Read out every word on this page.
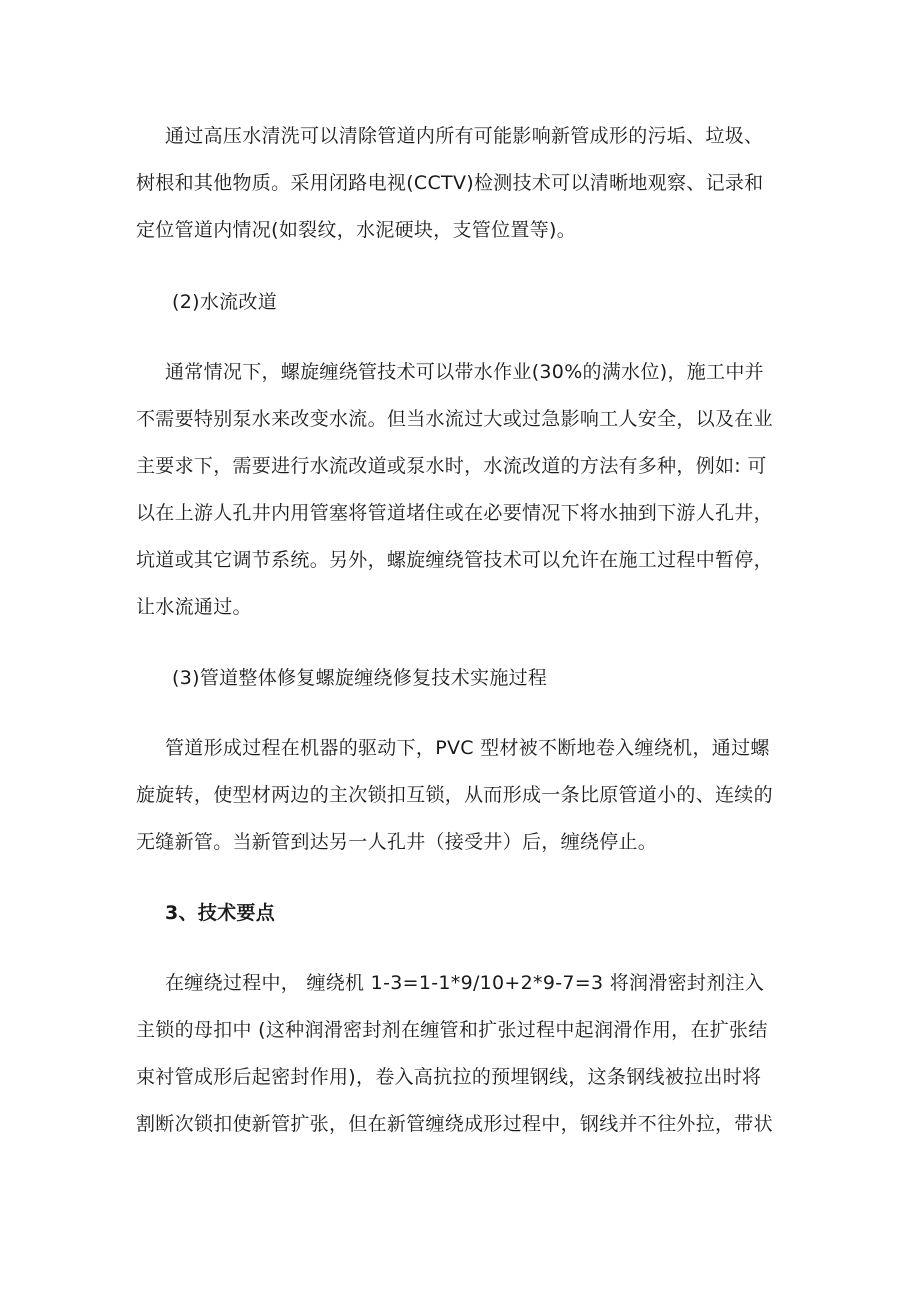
通过高压水清洗可以清除管道内所有可能影响新管成形的污垢、垃圾、
树根和其他物质。采用闭路电视(CCTV)检测技术可以清晰地观察、记录和
定位管道内情况(如裂纹，水泥硬块，支管位置等)。
(2)水流改道
通常情况下，螺旋缠绕管技术可以带水作业(30%的满水位)，施工中并
不需要特别泵水来改变水流。但当水流过大或过急影响工人安全，以及在业
主要求下，需要进行水流改道或泵水时，水流改道的方法有多种，例如: 可
以在上游人孔井内用管塞将管道堵住或在必要情况下将水抽到下游人孔井，
坑道或其它调节系统。另外，螺旋缠绕管技术可以允许在施工过程中暂停，
让水流通过。
(3)管道整体修复螺旋缠绕修复技术实施过程
管道形成过程在机器的驱动下，PVC 型材被不断地卷入缠绕机，通过螺
旋旋转，使型材两边的主次锁扣互锁，从而形成一条比原管道小的、连续的
无缝新管。当新管到达另一人孔井（接受井）后，缠绕停止。
3、技术要点
在缠绕过程中， 缠绕机 1-3=1-1*9/10+2*9-7=3 将润滑密封剂注入
主锁的母扣中 (这种润滑密封剂在缠管和扩张过程中起润滑作用，在扩张结
束衬管成形后起密封作用)，卷入高抗拉的预埋钢线，这条钢线被拉出时将
割断次锁扣使新管扩张，但在新管缠绕成形过程中，钢线并不往外拉，带状
